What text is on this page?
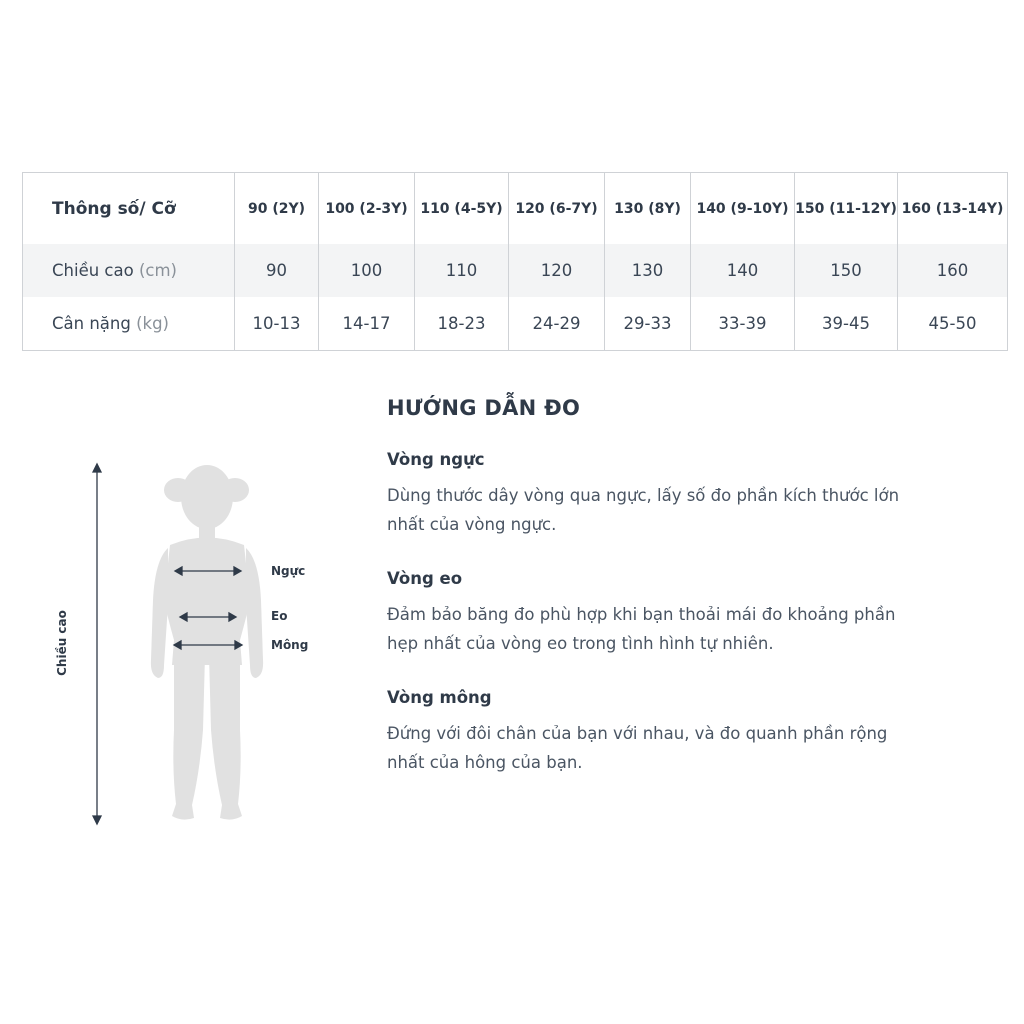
Thông số/ Cỡ	90 (2Y)	100 (2-3Y)	110 (4-5Y)	120 (6-7Y)	130 (8Y)	140 (9-10Y)	150 (11-12Y)	160 (13-14Y)
Chiều cao (cm)	90	100	110	120	130	140	150	160
Cân nặng (kg)	10-13	14-17	18-23	24-29	29-33	33-39	39-45	45-50
Chiều cao
Ngực
Eo
Mông
HƯỚNG DẪN ĐO
Vòng ngực

Dùng thước dây vòng qua ngực, lấy số đo phần kích thước lớn nhất của vòng ngực.

Vòng eo

Đảm bảo băng đo phù hợp khi bạn thoải mái đo khoảng phần hẹp nhất của vòng eo trong tình hình tự nhiên.

Vòng mông

Đứng với đôi chân của bạn với nhau, và đo quanh phần rộng nhất của hông của bạn.
